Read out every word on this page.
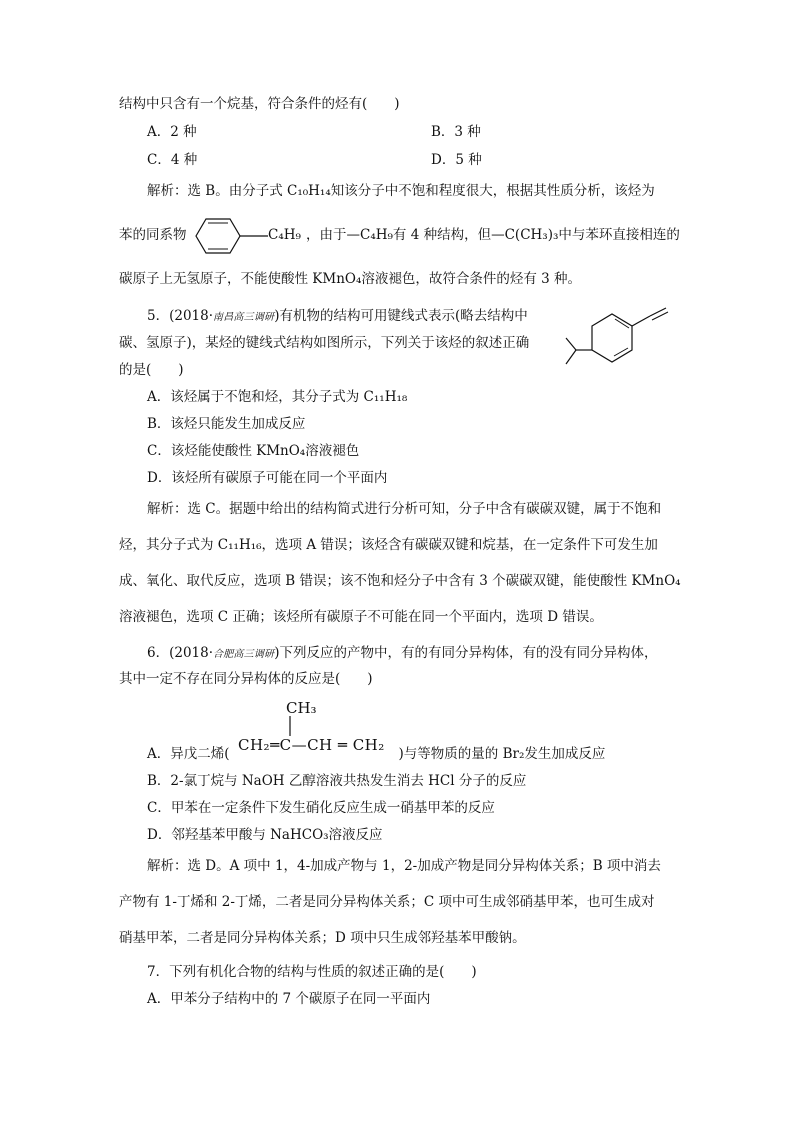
结构中只含有一个烷基，符合条件的烃有(　　)
A．2 种	B．3 种
C．4 种	D．5 种
解析：选 B。由分子式 C₁₀H₁₄知该分子中不饱和程度很大，根据其性质分析，该烃为
苯的同系物	C₄H₉ ，由于—C₄H₉有 4 种结构，但—C(CH₃)₃中与苯环直接相连的
碳原子上无氢原子，不能使酸性 KMnO₄溶液褪色，故符合条件的烃有 3 种。
5．(2018·南昌高三调研)有机物的结构可用键线式表示(略去结构中
碳、氢原子)，某烃的键线式结构如图所示，下列关于该烃的叙述正确
的是(　　)
A．该烃属于不饱和烃，其分子式为 C₁₁H₁₈
B．该烃只能发生加成反应
C．该烃能使酸性 KMnO₄溶液褪色
D．该烃所有碳原子可能在同一个平面内
解析：选 C。据题中给出的结构简式进行分析可知，分子中含有碳碳双键，属于不饱和
烃，其分子式为 C₁₁H₁₆，选项 A 错误；该烃含有碳碳双键和烷基，在一定条件下可发生加
成、氧化、取代反应，选项 B 错误；该不饱和烃分子中含有 3 个碳碳双键，能使酸性 KMnO₄
溶液褪色，选项 C 正确；该烃所有碳原子不可能在同一个平面内，选项 D 错误。
6．(2018·合肥高三调研)下列反应的产物中，有的有同分异构体，有的没有同分异构体，
其中一定不存在同分异构体的反应是(　　)
CH₃
A．异戊二烯(	)与等物质的量的 Br₂发生加成反应
CH₂═C—CH ═ CH₂
B．2-氯丁烷与 NaOH 乙醇溶液共热发生消去 HCl 分子的反应
C．甲苯在一定条件下发生硝化反应生成一硝基甲苯的反应
D．邻羟基苯甲酸与 NaHCO₃溶液反应
解析：选 D。A 项中 1，4-加成产物与 1，2-加成产物是同分异构体关系；B 项中消去
产物有 1-丁烯和 2-丁烯，二者是同分异构体关系；C 项中可生成邻硝基甲苯，也可生成对
硝基甲苯，二者是同分异构体关系；D 项中只生成邻羟基苯甲酸钠。
7．下列有机化合物的结构与性质的叙述正确的是(　　)
A．甲苯分子结构中的 7 个碳原子在同一平面内
